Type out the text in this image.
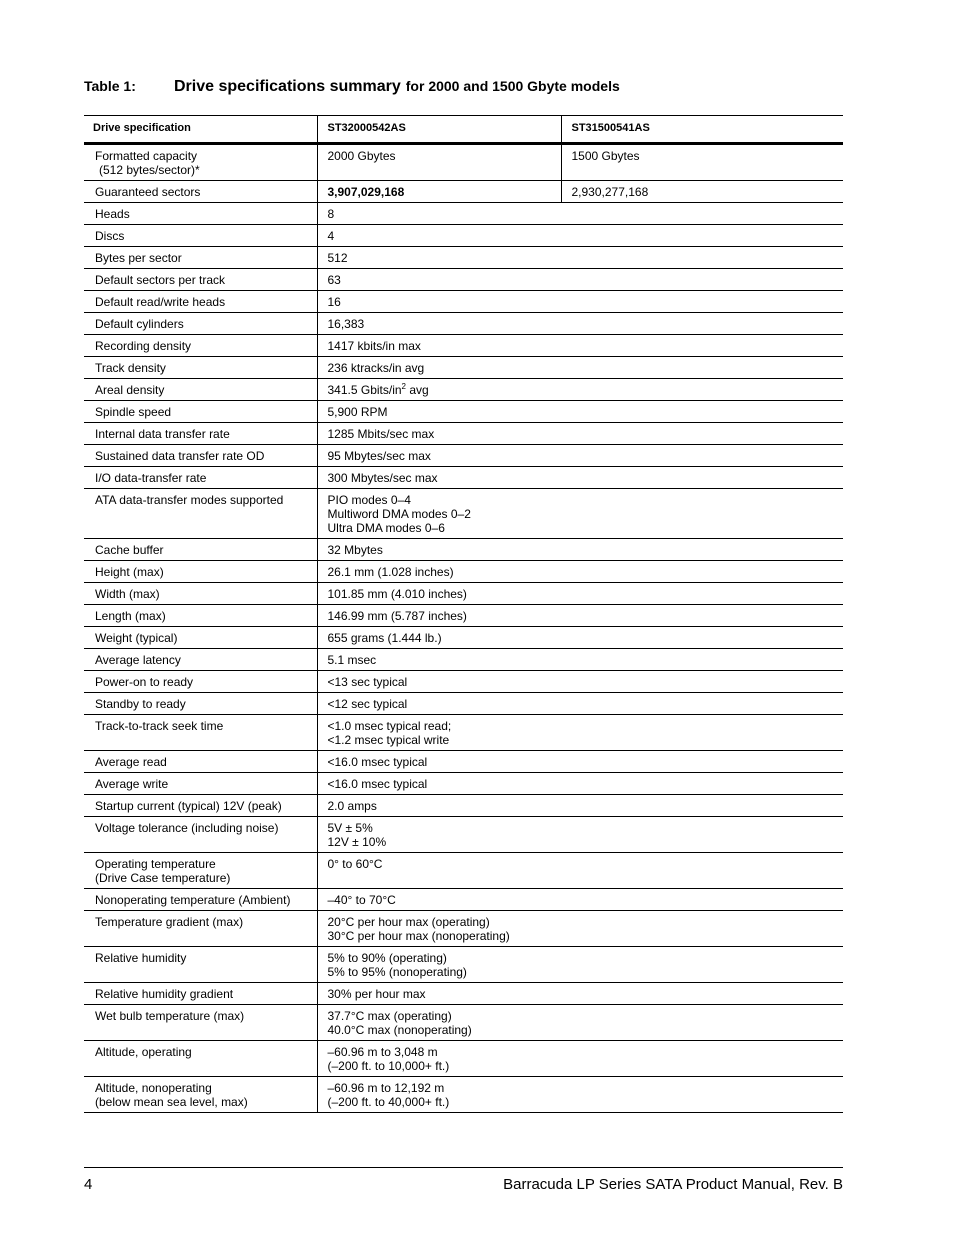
Table 1:	Drive specifications summary for 2000 and 1500 Gbyte models
Drive specification	ST32000542AS	ST31500541AS

Formatted capacity
(512 bytes/sector)*	2000 Gbytes	1500 Gbytes
Guaranteed sectors	3,907,029,168	2,930,277,168
Heads	8	
Discs	4	
Bytes per sector	512	
Default sectors per track	63	
Default read/write heads	16	
Default cylinders	16,383	
Recording density	1417 kbits/in max	
Track density	236 ktracks/in avg	
Areal density	341.5 Gbits/$in^2$ avg	
Spindle speed	5,900 RPM	
Internal data transfer rate	1285 Mbits/sec max	
Sustained data transfer rate OD	95 Mbytes/sec max	
I/O data-transfer rate	300 Mbytes/sec max	
ATA data-transfer modes supported	PIO modes 0–4
Multiword DMA modes 0–2
Ultra DMA modes 0–6	

Cache buffer	32 Mbytes	
Height (max)	26.1 mm (1.028 inches)	
Width (max)	101.85 mm (4.010 inches)	
Length (max)	146.99 mm (5.787 inches)	
Weight (typical)	655 grams (1.444 lb.)	
Average latency	5.1 msec	
Power-on to ready	<13 sec typical	
Standby to ready	<12 sec typical	
Track-to-track seek time	<1.0 msec typical read;
<1.2 msec typical write	

Average read	<16.0 msec typical	
Average write	<16.0 msec typical	
Startup current (typical) 12V (peak)	2.0 amps	
Voltage tolerance (including noise)	5V ± 5%
12V ± 10%	

Operating temperature
(Drive Case temperature)	0° to 60°C	
Nonoperating temperature (Ambient)	–40° to 70°C	
Temperature gradient (max)	20°C per hour max (operating)
30°C per hour max (nonoperating)	

Relative humidity	5% to 90% (operating)
5% to 95% (nonoperating)	

Relative humidity gradient	30% per hour max	
Wet bulb temperature (max)	37.7°C max (operating)
40.0°C max (nonoperating)	

Altitude, operating	–60.96 m to 3,048 m
(–200 ft. to 10,000+ ft.)	

Altitude, nonoperating
(below mean sea level, max)	–60.96 m to 12,192 m
(–200 ft. to 40,000+ ft.)	
4	Barracuda LP Series SATA Product Manual, Rev. B
